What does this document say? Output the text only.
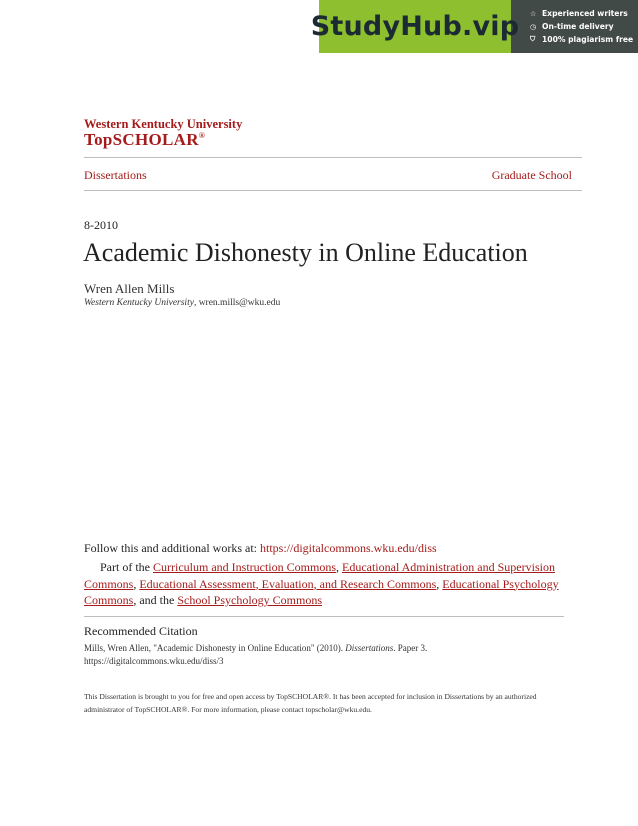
StudyHub.vip ☆ Experienced writers
◷ On-time delivery
⛉ 100% plagiarism free
Western Kentucky University
TopSCHOLAR®
Dissertations	Graduate School
8-2010
Academic Dishonesty in Online Education
Wren Allen Mills
Western Kentucky University, wren.mills@wku.edu
Follow this and additional works at: https://digitalcommons.wku.edu/diss
Part of the Curriculum and Instruction Commons, Educational Administration and Supervision
Commons, Educational Assessment, Evaluation, and Research Commons, Educational Psychology
Commons, and the School Psychology Commons
Recommended Citation
Mills, Wren Allen, "Academic Dishonesty in Online Education" (2010). Dissertations. Paper 3.
https://digitalcommons.wku.edu/diss/3
This Dissertation is brought to you for free and open access by TopSCHOLAR®. It has been accepted for inclusion in Dissertations by an authorized
administrator of TopSCHOLAR®. For more information, please contact topscholar@wku.edu.
